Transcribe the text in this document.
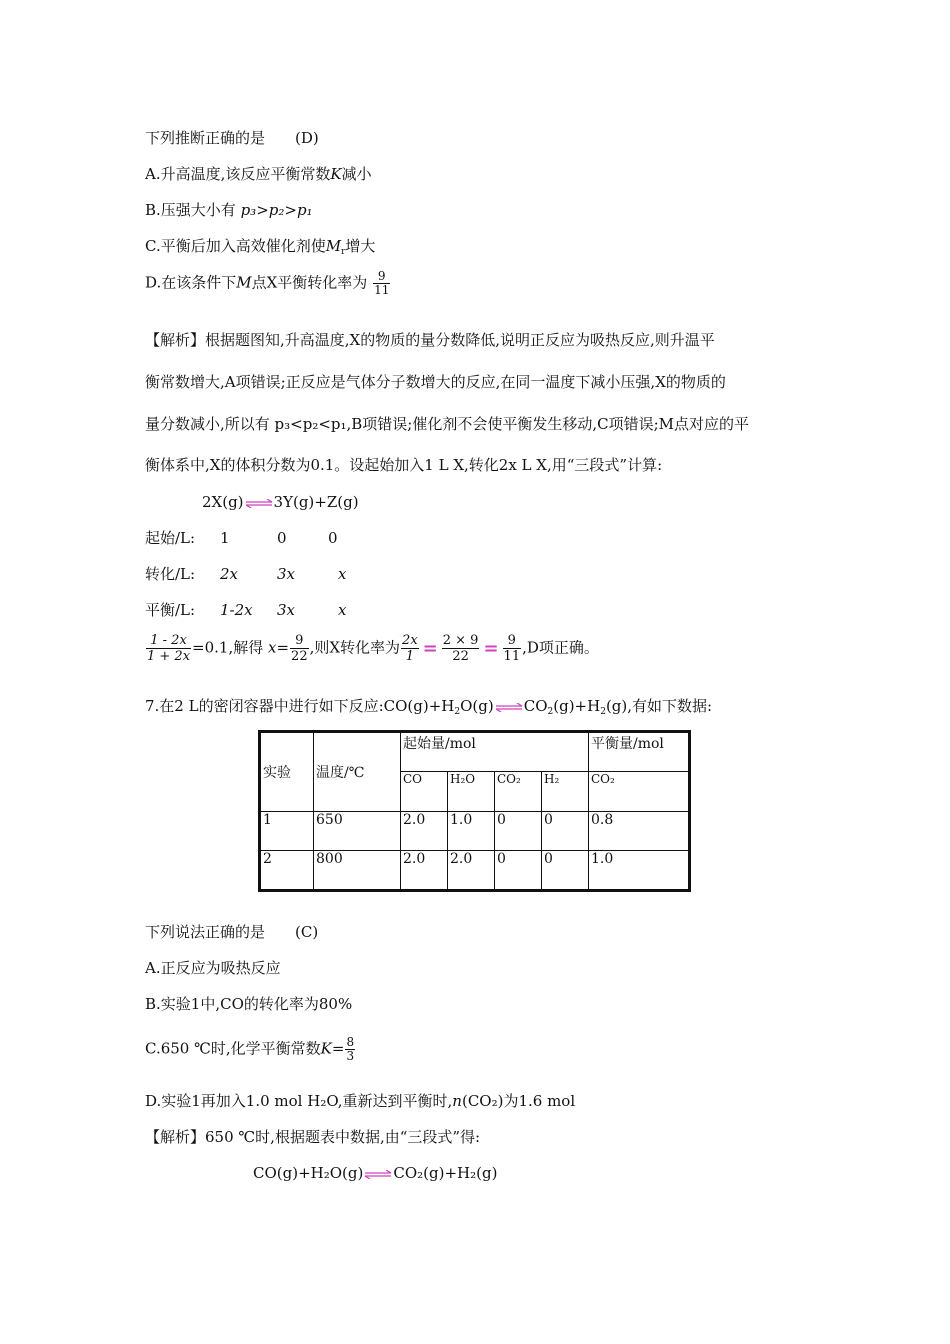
下列推断正确的是 (D)
A.升高温度,该反应平衡常数K减小
B.压强大小有 p₃>p₂>p₁
C.平衡后加入高效催化剂使$M_r$增大
D.在该条件下M点X平衡转化率为 $\frac{9}{11}$
【解析】根据题图知,升高温度,X的物质的量分数降低,说明正反应为吸热反应,则升温平
衡常数增大,A项错误;正反应是气体分子数增大的反应,在同一温度下减小压强,X的物质的
量分数减小,所以有 p₃<p₂<p₁,B项错误;催化剂不会使平衡发生移动,C项错误;M点对应的平
衡体系中,X的体积分数为0.1。设起始加入1 L X,转化2x L X,用“三段式”计算:
2X(g) 3Y(g)+Z(g)
起始/L: 1	0	0
转化/L: 2x	3x	x
平衡/L: 1-2x 3x	x
$\frac{1 - 2x}{1 + 2x} =0.1$,解得 $x= \frac{9}{22}$ ,则X转化率为 $\frac{2x}{1} = \frac{2 \times 9}{22} = \frac{9}{11} ,D$项正确。
7.在2 L的密闭容器中进行如下反应$:CO(g)+H_2O(g)$ $CO_2(g)+H_2(g)$,有如下数据:
实验	温度/℃	起始量/mol				平衡量/mol
		CO	H₂O	CO₂	H₂	CO₂
1	650	2.0	1.0	0	0	0.8
2	800	2.0	2.0	0	0	1.0
下列说法正确的是 (C)
A.正反应为吸热反应
B.实验1中,CO的转化率为80%
C.650 ℃时,化学平衡常数$K= \frac{8}{3}$
D.实验1再加入1.0 mol H₂O,重新达到平衡时,n(CO₂)为1.6 mol
【解析】650 ℃时,根据题表中数据,由“三段式”得:
CO(g)+H₂O(g) CO₂(g)+H₂(g)
